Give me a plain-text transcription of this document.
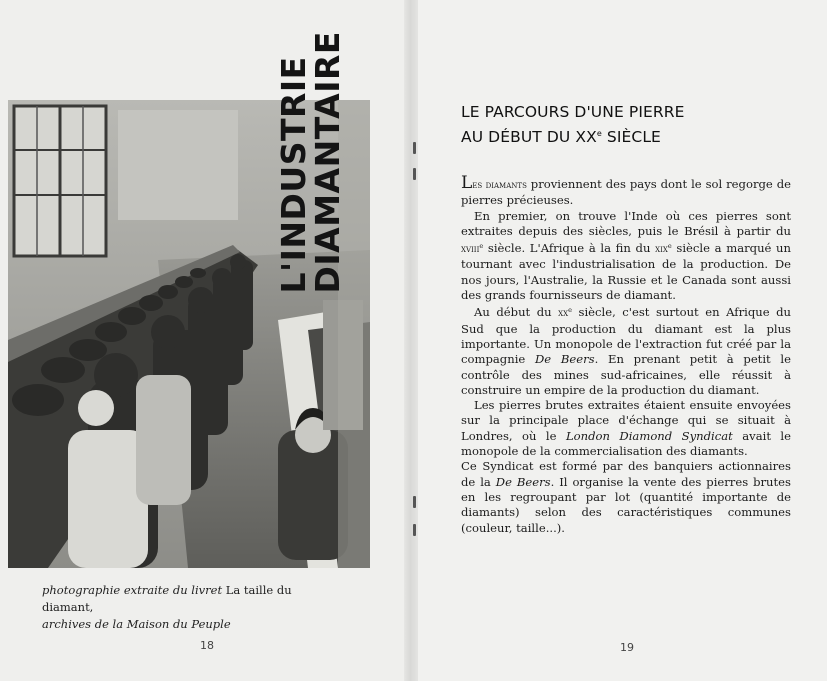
L'INDUSTRIE
DIAMANTAIRE
photographie extraite du livret La taille du diamant,
archives de la Maison du Peuple
18
LE PARCOURS D'UNE PIERRE
AU DÉBUT DU XXe SIÈCLE

Les diamants proviennent des pays dont le sol regorge de pierres précieuses.

En premier, on trouve l'Inde où ces pierres sont extraites depuis des siècles, puis le Brésil à partir du xviii$^e$ siècle. L'Afrique à la fin du xix$^e$ siècle a marqué un tournant avec l'industrialisation de la production. De nos jours, l'Australie, la Russie et le Canada sont aussi des grands fournisseurs de diamant.

Au début du $xx^e$ siècle, c'est surtout en Afrique du Sud que la production du diamant est la plus importante. Un monopole de l'extraction fut créé par la compagnie De Beers. En prenant petit à petit le contrôle des mines sud-africaines, elle réussit à construire un empire de la production du diamant.

Les pierres brutes extraites étaient ensuite envoyées sur la principale place d'échange qui se situait à Londres, où le London Diamond Syndicat avait le monopole de la commercialisation des diamants.

Ce Syndicat est formé par des banquiers actionnaires de la De Beers. Il organise la vente des pierres brutes en les regroupant par lot (quantité importante de diamants) selon des caractéristiques communes (couleur, taille...).

19
